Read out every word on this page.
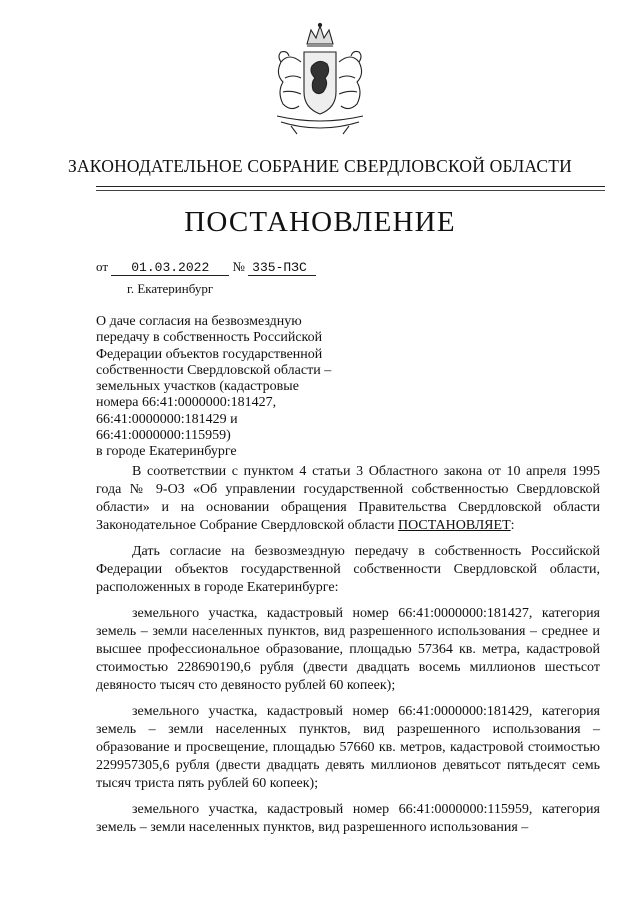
ЗАКОНОДАТЕЛЬНОЕ СОБРАНИЕ СВЕРДЛОВСКОЙ ОБЛАСТИ
ПОСТАНОВЛЕНИЕ
от 01.03.2022 № 335-ПЗС
г. Екатеринбург
О даче согласия на безвозмездную
передачу в собственность Российской
Федерации объектов государственной
собственности Свердловской области –
земельных участков (кадастровые
номера 66:41:0000000:181427,
66:41:0000000:181429 и
66:41:0000000:115959)
в городе Екатеринбурге

В соответствии с пунктом 4 статьи 3 Областного закона от 10 апреля 1995 года № 9-ОЗ «Об управлении государственной собственностью Свердловской области» и на основании обращения Правительства Свердловской области Законодательное Собрание Свердловской области ПОСТАНОВЛЯЕТ:

Дать согласие на безвозмездную передачу в собственность Российской Федерации объектов государственной собственности Свердловской области, расположенных в городе Екатеринбурге:

земельного участка, кадастровый номер 66:41:0000000:181427, категория земель – земли населенных пунктов, вид разрешенного использования – среднее и высшее профессиональное образование, площадью 57364 кв. метра, кадастровой стоимостью 228690190,6 рубля (двести двадцать восемь миллионов шестьсот девяносто тысяч сто девяносто рублей 60 копеек);

земельного участка, кадастровый номер 66:41:0000000:181429, категория земель – земли населенных пунктов, вид разрешенного использования – образование и просвещение, площадью 57660 кв. метров, кадастровой стоимостью 229957305,6 рубля (двести двадцать девять миллионов девятьсот пятьдесят семь тысяч триста пять рублей 60 копеек);

земельного участка, кадастровый номер 66:41:0000000:115959, категория земель – земли населенных пунктов, вид разрешенного использования –
